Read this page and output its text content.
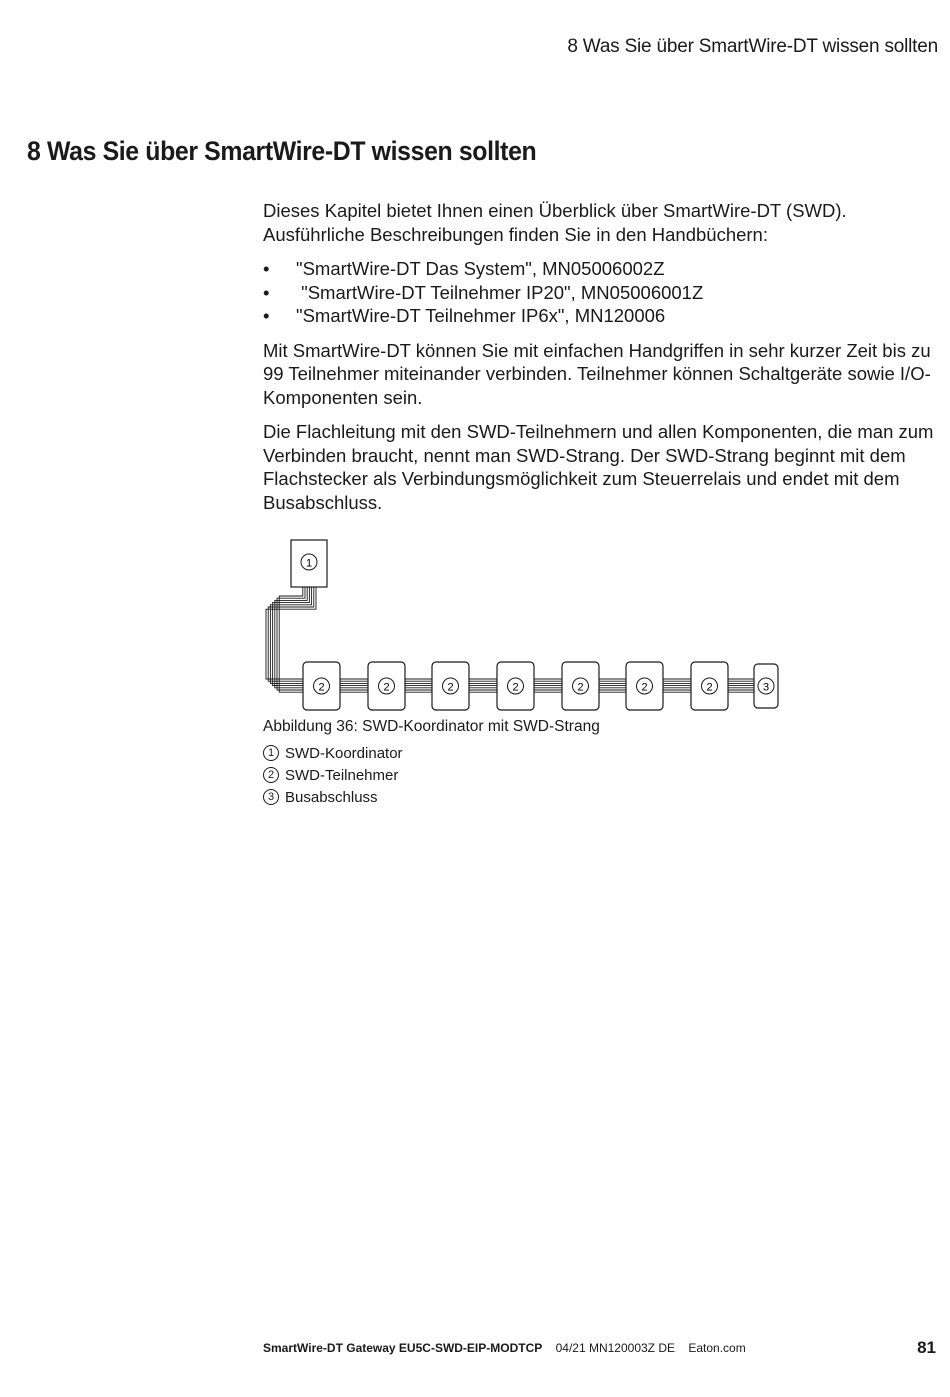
8 Was Sie über SmartWire-DT wissen sollten
8 Was Sie über SmartWire-DT wissen sollten

Dieses Kapitel bietet Ihnen einen Überblick über SmartWire-DT (SWD). Ausführliche Beschreibungen finden Sie in den Handbüchern:

• "SmartWire-DT Das System", MN05006002Z
• "SmartWire-DT Teilnehmer IP20", MN05006001Z
• "SmartWire-DT Teilnehmer IP6x", MN120006

Mit SmartWire-DT können Sie mit einfachen Handgriffen in sehr kurzer Zeit bis zu 99 Teilnehmer miteinander verbinden. Teilnehmer können Schaltgeräte sowie I/O-Komponenten sein.

Die Flachleitung mit den SWD-Teilnehmern und allen Komponenten, die man zum Verbinden braucht, nennt man SWD-Strang. Der SWD-Strang beginnt mit dem Flachstecker als Verbindungsmöglichkeit zum Steuerrelais und endet mit dem Busabschluss.

1
2	2	2	2	2	2	2	3
Abbildung 36: SWD-Koordinator mit SWD-Strang
1 SWD-Koordinator
2 SWD-Teilnehmer
3 Busabschluss
SmartWire-DT Gateway EU5C-SWD-EIP-MODTCP 04/21 MN120003Z DE Eaton.com	81
